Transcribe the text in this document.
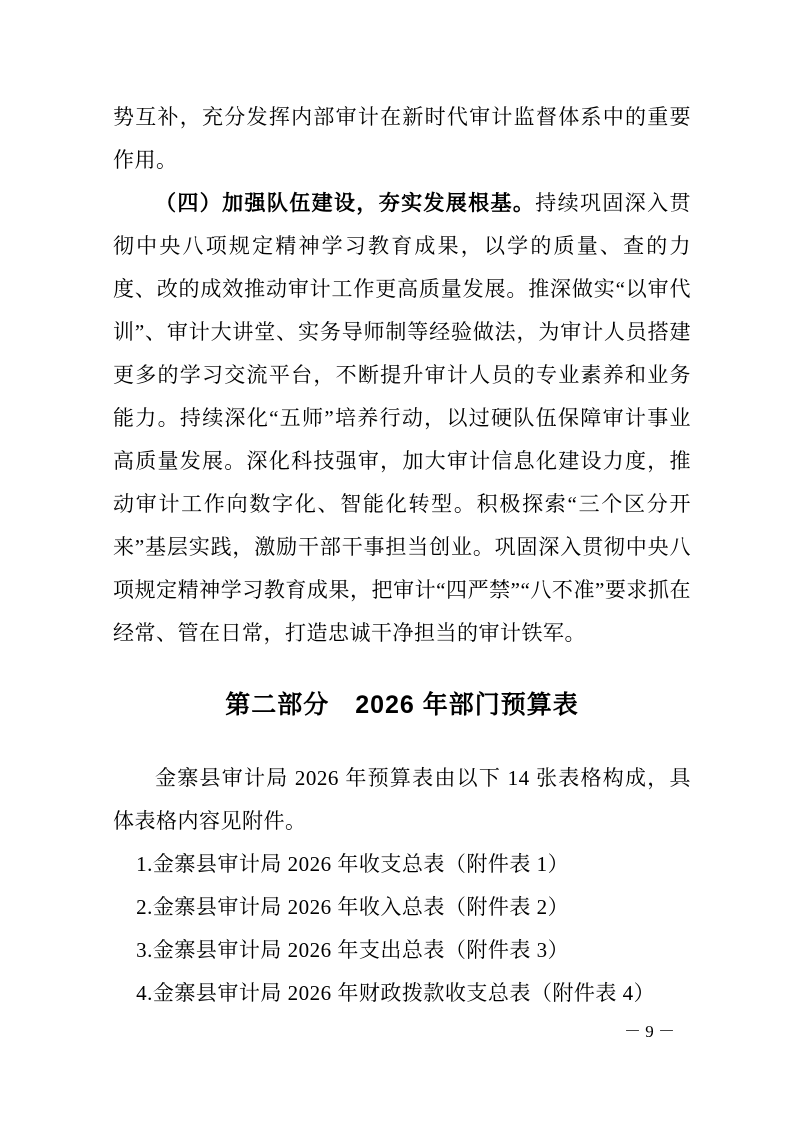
势互补，充分发挥内部审计在新时代审计监督体系中的重要作用。

（四）加强队伍建设，夯实发展根基。持续巩固深入贯彻中央八项规定精神学习教育成果，以学的质量、查的力度、改的成效推动审计工作更高质量发展。推深做实“以审代训”、审计大讲堂、实务导师制等经验做法，为审计人员搭建更多的学习交流平台，不断提升审计人员的专业素养和业务能力。持续深化“五师”培养行动，以过硬队伍保障审计事业高质量发展。深化科技强审，加大审计信息化建设力度，推动审计工作向数字化、智能化转型。积极探索“三个区分开来”基层实践，激励干部干事担当创业。巩固深入贯彻中央八项规定精神学习教育成果，把审计“四严禁”“八不准”要求抓在经常、管在日常，打造忠诚干净担当的审计铁军。

第二部分　2026 年部门预算表

金寨县审计局 2026 年预算表由以下 14 张表格构成，具体表格内容见附件。

1.金寨县审计局 2026 年收支总表（附件表 1）

2.金寨县审计局 2026 年收入总表（附件表 2）

3.金寨县审计局 2026 年支出总表（附件表 3）

4.金寨县审计局 2026 年财政拨款收支总表（附件表 4）

－ 9 －
